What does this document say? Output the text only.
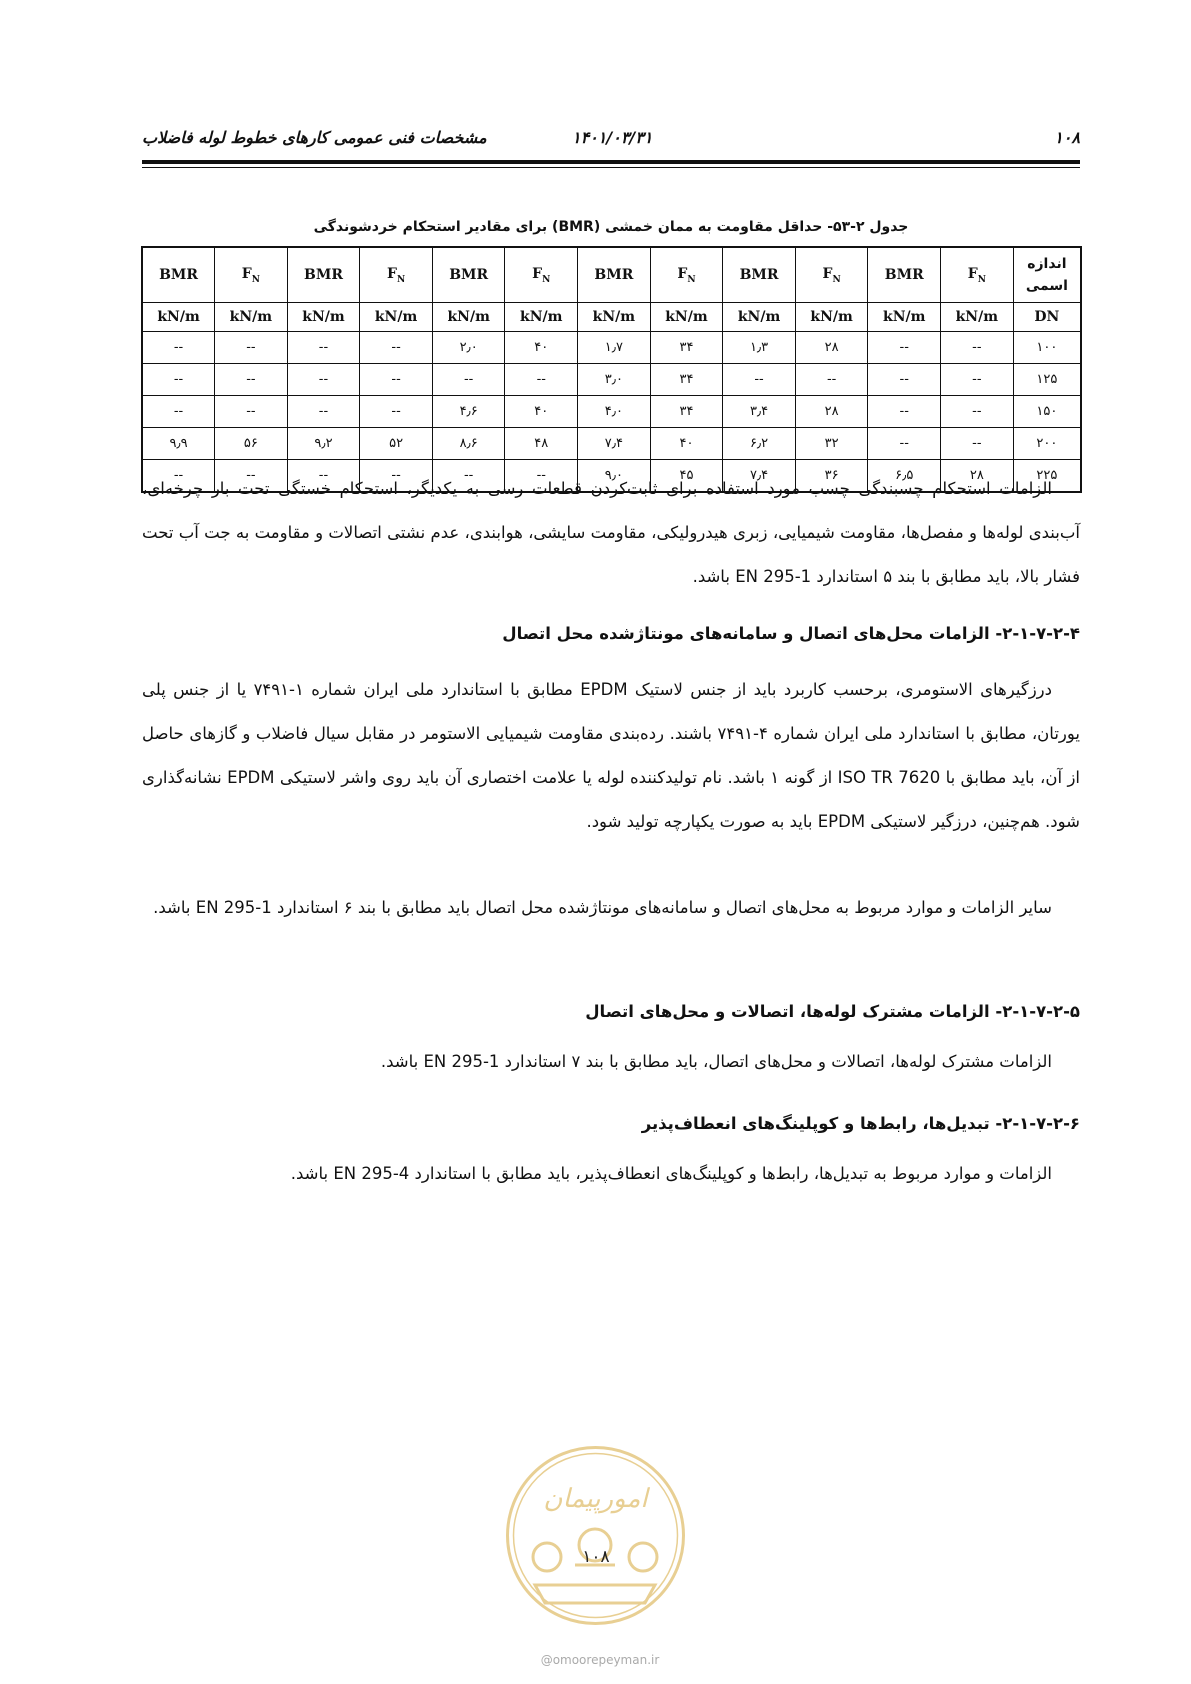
۱۰۸
۱۴۰۱/۰۳/۳۱
مشخصات فنی عمومی کارهای خطوط لوله فاضلاب
جدول ۲-۵۳- حداقل مقاومت به ممان خمشی (BMR) برای مقادیر استحکام خردشوندگی
اندازه
اسمی	$F_N$	BMR	$F_N$	BMR	$F_N$	BMR	$F_N$	BMR	$F_N$	BMR	$F_N$	BMR
DN	kN/m	kN/m	kN/m	kN/m	kN/m	kN/m	kN/m	kN/m	kN/m	kN/m	kN/m	kN/m
۱۰۰	--	--	۲۸	۱٫۳	۳۴	۱٫۷	۴۰	۲٫۰	--	--	--	--
۱۲۵	--	--	--	--	۳۴	۳٫۰	--	--	--	--	--	--
۱۵۰	--	--	۲۸	۳٫۴	۳۴	۴٫۰	۴۰	۴٫۶	--	--	--	--
۲۰۰	--	--	۳۲	۶٫۲	۴۰	۷٫۴	۴۸	۸٫۶	۵۲	۹٫۲	۵۶	۹٫۹
۲۲۵	۲۸	۶٫۵	۳۶	۷٫۴	۴۵	۹٫۰	--	--	--	--	--	--
الزامات استحکام چسبندگی چسب مورد استفاده برای ثابت‌کردن قطعات رسی به یکدیگر، استحکام خستگی تحت بار چرخه‌ای، آب‌بندی لوله‌ها و مفصل‌ها، مقاومت شیمیایی، زبری هیدرولیکی، مقاومت سایشی، هوابندی، عدم نشتی اتصالات و مقاومت به جت آب تحت فشار بالا، باید مطابق با بند ۵ استاندارد EN 295-1 باشد.
۲-۱-۷-۲-۴- الزامات محل‌های اتصال و سامانه‌های مونتاژشده محل اتصال
درزگیرهای الاستومری، برحسب کاربرد باید از جنس لاستیک EPDM مطابق با استاندارد ملی ایران شماره ۱-۷۴۹۱ یا از جنس پلی یورتان، مطابق با استاندارد ملی ایران شماره ۴-۷۴۹۱ باشند. رده‌بندی مقاومت شیمیایی الاستومر در مقابل سیال فاضلاب و گازهای حاصل از آن، باید مطابق با ISO TR 7620 از گونه ۱ باشد. نام تولیدکننده لوله یا علامت اختصاری آن باید روی واشر لاستیکی EPDM نشانه‌گذاری شود. هم‌چنین، درزگیر لاستیکی EPDM باید به صورت یکپارچه تولید شود.
سایر الزامات و موارد مربوط به محل‌های اتصال و سامانه‌های مونتاژشده محل اتصال باید مطابق با بند ۶ استاندارد EN 295-1 باشد.
۲-۱-۷-۲-۵- الزامات مشترک لوله‌ها، اتصالات و محل‌های اتصال
الزامات مشترک لوله‌ها، اتصالات و محل‌های اتصال، باید مطابق با بند ۷ استاندارد EN 295-1 باشد.
۲-۱-۷-۲-۶- تبدیل‌ها، رابط‌ها و کوپلینگ‌های انعطاف‌پذیر
الزامات و موارد مربوط به تبدیل‌ها، رابط‌ها و کوپلینگ‌های انعطاف‌پذیر، باید مطابق با استاندارد EN 295-4 باشد.
امورپیمان
۱۰۸
@omoorepeyman.ir
